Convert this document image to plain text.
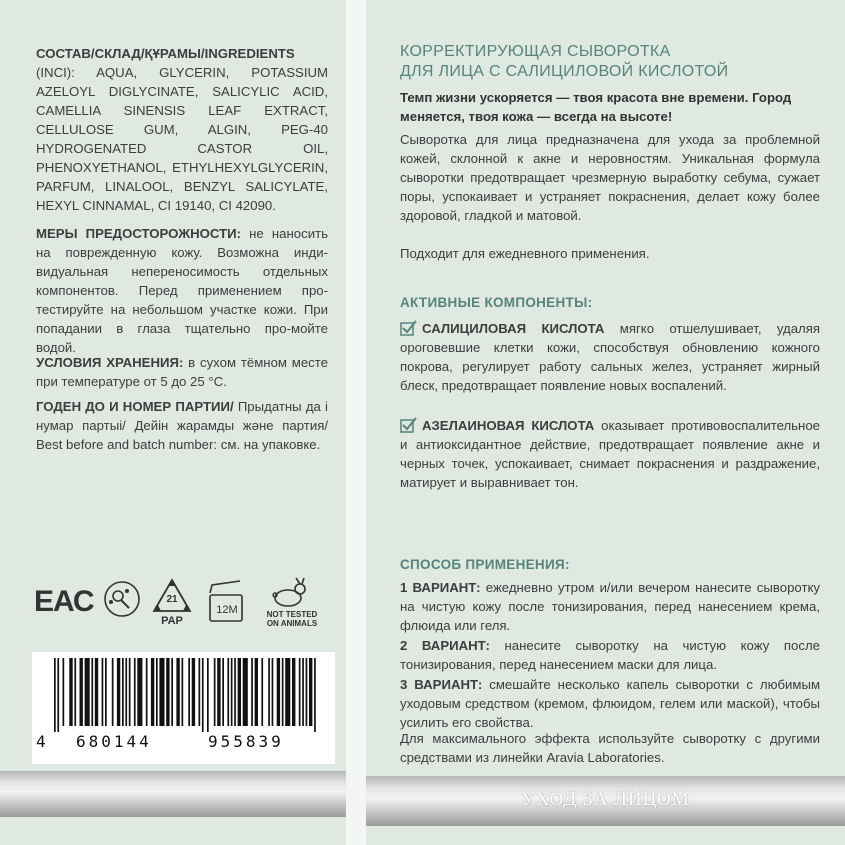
СОСТАВ/СКЛАД/ҚҰРАМЫ/INGREDIENTS (INCI): AQUA, GLYCERIN, POTASSIUM AZELOYL DIGLYCINATE, SALICYLIC ACID, CAMELLIA SINENSIS LEAF EXTRACT, CELLULOSE GUM, ALGIN, PEG-40 HYDROGENATED CASTOR OIL, PHENOXYETHANOL, ETHYLHEXYLGLYCERIN, PARFUM, LINALOOL, BENZYL SALICYLATE, HEXYL CINNAMAL, CI 19140, CI 42090.

МЕРЫ ПРЕДОСТОРОЖНОСТИ: не наносить на поврежденную кожу. Возможна инди-видуальная непереносимость отдельных компонентов. Перед применением про-тестируйте на небольшом участке кожи. При попадании в глаза тщательно про-мойте водой.

УСЛОВИЯ ХРАНЕНИЯ: в сухом тёмном месте при температуре от 5 до 25 °C.

ГОДЕН ДО И НОМЕР ПАРТИИ/ Прыдатны да і нумар партыі/ Дейін жарамды және партия/ Best before and batch number: см. на упаковке.

ЕАС	21
PAP
12M	NOT TESTED ON ANIMALS
4 680144	955839
КОРРЕКТИРУЮЩАЯ СЫВОРОТКА
ДЛЯ ЛИЦА С САЛИЦИЛОВОЙ КИСЛОТОЙ

Темп жизни ускоряется — твоя красота вне времени. Город меняется, твоя кожа — всегда на высоте!

Сыворотка для лица предназначена для ухода за проблемной кожей, склонной к акне и неровностям. Уникальная формула сыворотки предотвращает чрезмерную выработку себума, сужает поры, успокаивает и устраняет покраснения, делает кожу более здоровой, гладкой и матовой.

Подходит для ежедневного применения.

АКТИВНЫЕ КОМПОНЕНТЫ:

САЛИЦИЛОВАЯ КИСЛОТА мягко отшелушивает, удаляя ороговевшие клетки кожи, способствуя обновлению кожного покрова, регулирует работу сальных желез, устраняет жирный блеск, предотвращает появление новых воспалений.

АЗЕЛАИНОВАЯ КИСЛОТА оказывает противовоспалительное и антиоксидантное действие, предотвращает появление акне и черных точек, успокаивает, снимает покраснения и раздражение, матирует и выравнивает тон.

СПОСОБ ПРИМЕНЕНИЯ:

1 ВАРИАНТ: ежедневно утром и/или вечером нанесите сыворотку на чистую кожу после тонизирования, перед нанесением крема, флюида или геля.

2 ВАРИАНТ: нанесите сыворотку на чистую кожу после тонизирования, перед нанесением маски для лица.

3 ВАРИАНТ: смешайте несколько капель сыворотки с любимым уходовым средством (кремом, флюидом, гелем или маской), чтобы усилить его свойства.

Для максимального эффекта используйте сыворотку с другими средствами из линейки Aravia Laboratories.

УХОД ЗА ЛИЦОМ
